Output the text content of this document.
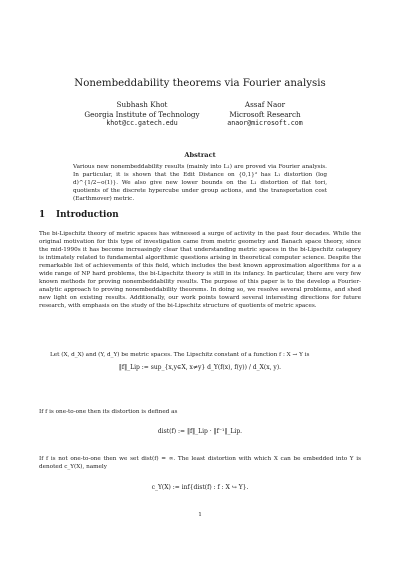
Nonembeddability theorems via Fourier analysis
Subhash Khot
Georgia Institute of Technology
khot@cc.gatech.edu
Assaf Naor
Microsoft Research
anaor@microsoft.com
Abstract
Various new nonembeddability results (mainly into L₁) are proved via Fourier analysis. In particular, it is shown that the Edit Distance on {0,1}ᵈ has L₁ distortion (log d)^{1/2−o(1)}. We also give new lower bounds on the L₁ distortion of flat tori, quotients of the discrete hypercube under group actions, and the transportation cost (Earthmover) metric.
1 Introduction
The bi-Lipschitz theory of metric spaces has witnessed a surge of activity in the past four decades. While the original motivation for this type of investigation came from metric geometry and Banach space theory, since the mid-1990s it has become increasingly clear that understanding metric spaces in the bi-Lipschitz category is intimately related to fundamental algorithmic questions arising in theoretical computer science. Despite the remarkable list of achievements of this field, which includes the best known approximation algorithms for a a wide range of NP hard problems, the bi-Lipschitz theory is still in its infancy. In particular, there are very few known methods for proving nonembeddability results. The purpose of this paper is to the develop a Fourier-analytic approach to proving nonembeddability theorems. In doing so, we resolve several problems, and shed new light on existing results. Additionally, our work points toward several interesting directions for future research, with emphasis on the study of the bi-Lipschitz structure of quotients of metric spaces.
Let (X, d_X) and (Y, d_Y) be metric spaces. The Lipschitz constant of a function f : X → Y is
‖f‖_Lip := sup_{x,y∈X, x≠y} d_Y(f(x), f(y)) / d_X(x, y).
If f is one-to-one then its distortion is defined as
dist(f) := ‖f‖_Lip · ‖f⁻¹‖_Lip.
If f is not one-to-one then we set dist(f) = ∞. The least distortion with which X can be embedded into Y is denoted c_Y(X), namely
c_Y(X) := inf{dist(f) : f : X ↪ Y}.
1
